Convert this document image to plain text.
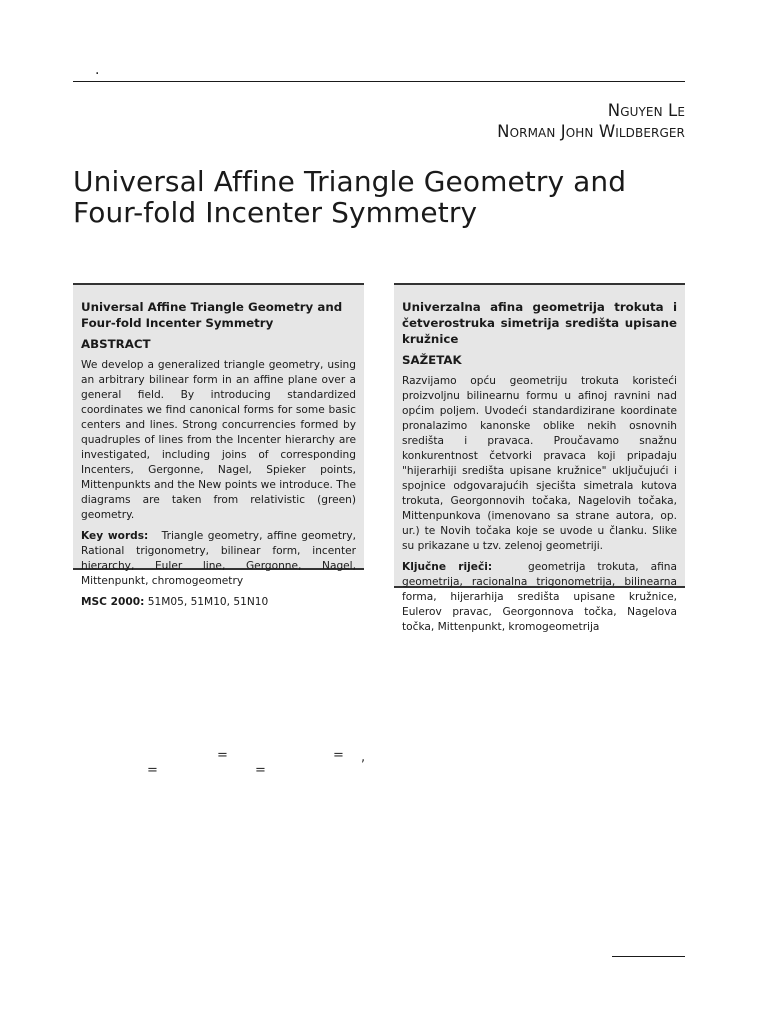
.
Nguyen Le
Norman John Wildberger
Universal Affine Triangle Geometry and
Four-fold Incenter Symmetry
Universal Affine Triangle Geometry and Four-fold Incenter Symmetry
ABSTRACT

We develop a generalized triangle geometry, using an arbitrary bilinear form in an affine plane over a general field. By introducing standardized coordinates we find canonical forms for some basic centers and lines. Strong concurrencies formed by quadruples of lines from the Incenter hierarchy are investigated, including joins of corresponding Incenters, Gergonne, Nagel, Spieker points, Mittenpunkts and the New points we introduce. The diagrams are taken from relativistic (green) geometry.

Key words: Triangle geometry, affine geometry, Rational trigonometry, bilinear form, incenter hierarchy, Euler line, Gergonne, Nagel, Mittenpunkt, chromogeometry

MSC 2000: 51M05, 51M10, 51N10

Univerzalna afina geometrija trokuta i
četverostruka simetrija središta upisane kružnice
SAŽETAK

Razvijamo opću geometriju trokuta koristeći proizvoljnu bilinearnu formu u afinoj ravnini nad općim poljem. Uvodeći standardizirane koordinate pronalazimo kanonske oblike nekih osnovnih središta i pravaca. Proučavamo snažnu konkurentnost četvorki pravaca koji pripadaju "hijerarhiji središta upisane kružnice" uključujući i spojnice odgovarajućih sjecišta simetrala kutova trokuta, Georgonnovih točaka, Nagelovih točaka, Mittenpunkova (imenovano sa strane autora, op. ur.) te Novih točaka koje se uvode u članku. Slike su prikazane u tzv. zelenoj geometriji.

Ključne riječi:	geometrija trokuta, afina geometrija, racionalna trigonometrija, bilinearna forma, hijerarhija središta upisane kružnice, Eulerov pravac, Georgonnova točka, Nagelova točka, Mittenpunkt, kromogeometrija

=	= ,
=	=
